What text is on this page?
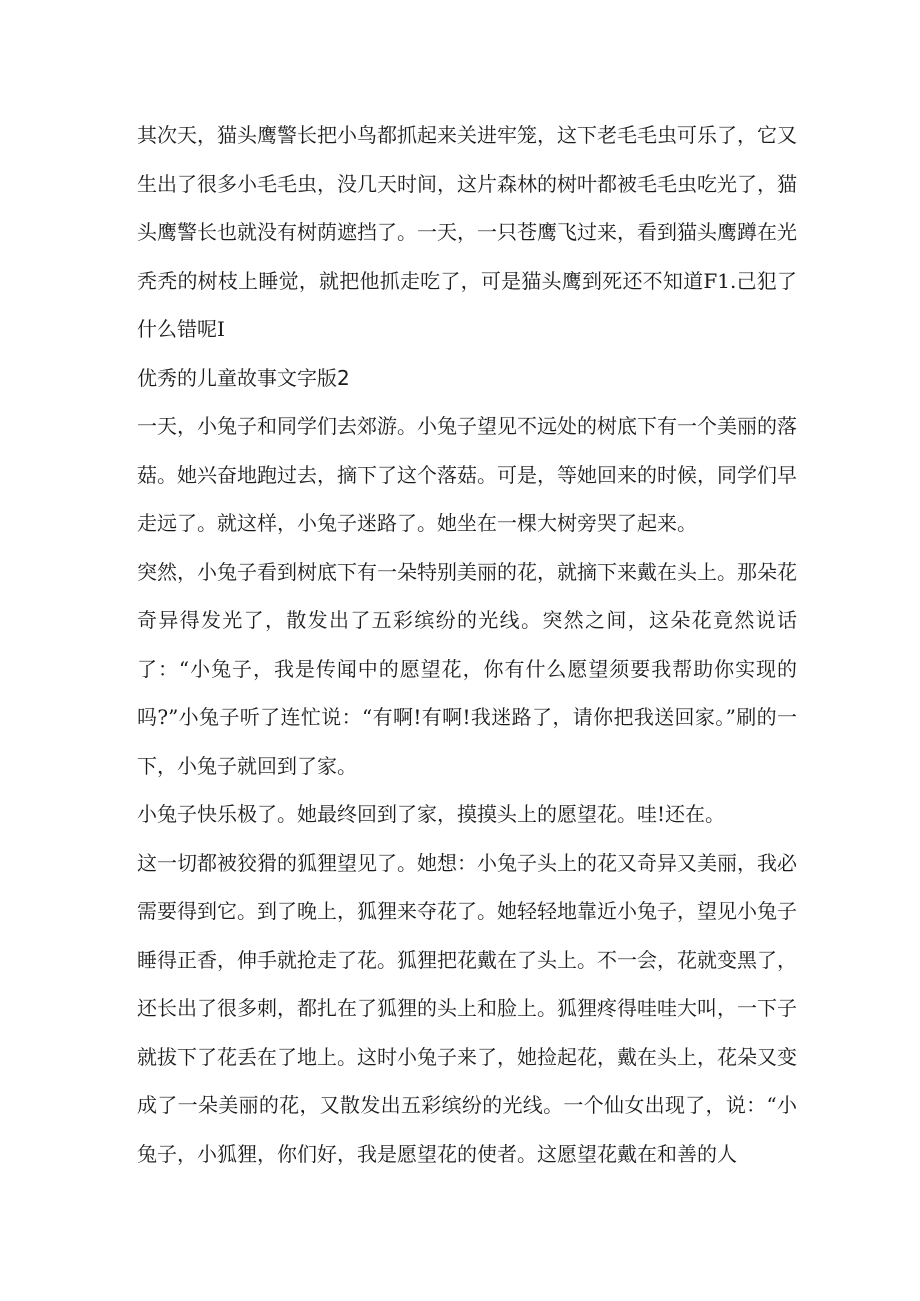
其次天，猫头鹰警长把小鸟都抓起来关进牢笼，这下老毛毛虫可乐了，它又生出了很多小毛毛虫，没几天时间，这片森林的树叶都被毛毛虫吃光了，猫头鹰警长也就没有树荫遮挡了。一天，一只苍鹰飞过来，看到猫头鹰蹲在光秃秃的树枝上睡觉，就把他抓走吃了，可是猫头鹰到死还不知道F1.己犯了什么错呢I

优秀的儿童故事文字版2

一天，小兔子和同学们去郊游。小兔子望见不远处的树底下有一个美丽的落菇。她兴奋地跑过去，摘下了这个落菇。可是，等她回来的时候，同学们早走远了。就这样，小兔子迷路了。她坐在一棵大树旁哭了起来。

突然，小兔子看到树底下有一朵特别美丽的花，就摘下来戴在头上。那朵花奇异得发光了，散发出了五彩缤纷的光线。突然之间，这朵花竟然说话了：“小兔子，我是传闻中的愿望花，你有什么愿望须要我帮助你实现的吗?”小兔子听了连忙说：“有啊!有啊!我迷路了，请你把我送回家。”刷的一下，小兔子就回到了家。

小兔子快乐极了。她最终回到了家，摸摸头上的愿望花。哇!还在。

这一切都被狡猾的狐狸望见了。她想：小兔子头上的花又奇异又美丽，我必需要得到它。到了晚上，狐狸来夺花了。她轻轻地靠近小兔子，望见小兔子睡得正香，伸手就抢走了花。狐狸把花戴在了头上。不一会，花就变黑了，还长出了很多刺，都扎在了狐狸的头上和脸上。狐狸疼得哇哇大叫，一下子就拔下了花丢在了地上。这时小兔子来了，她捡起花，戴在头上，花朵又变成了一朵美丽的花，又散发出五彩缤纷的光线。一个仙女出现了，说：“小兔子，小狐狸，你们好，我是愿望花的使者。这愿望花戴在和善的人
